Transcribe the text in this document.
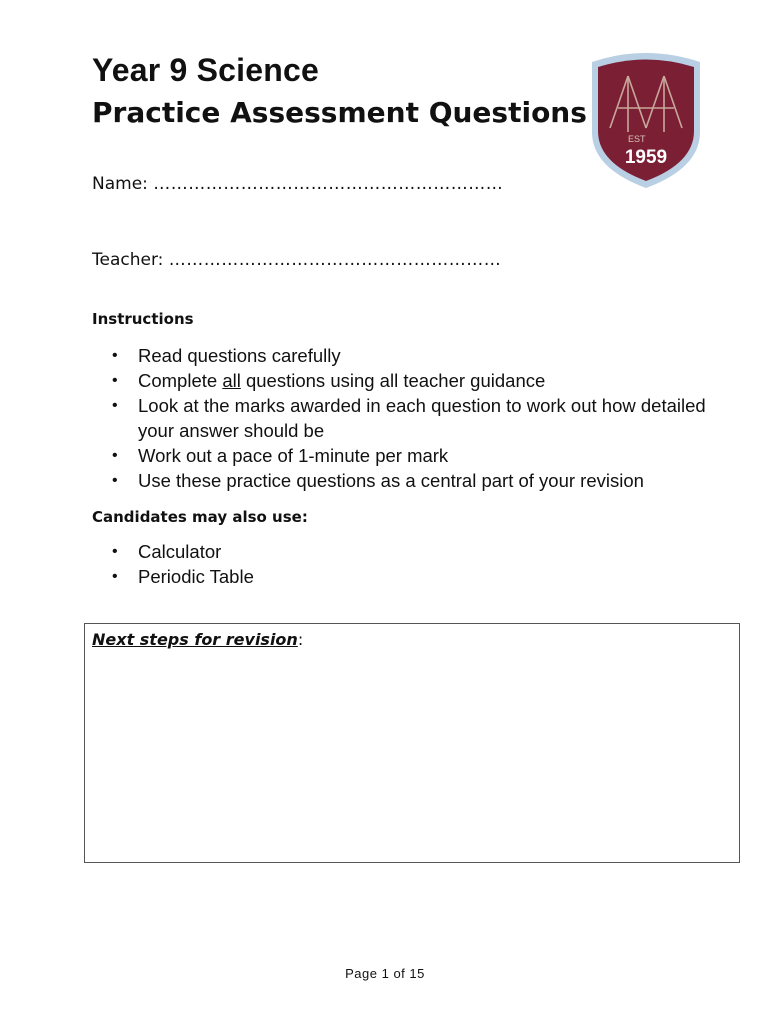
Year 9 Science
Practice Assessment Questions
EST
1959
Name: ……………………………………………………
Teacher: …………………………………………………
Instructions
• Read questions carefully
• Complete all questions using all teacher guidance
• Look at the marks awarded in each question to work out how detailed your answer should be
• Work out a pace of 1-minute per mark
• Use these practice questions as a central part of your revision
Candidates may also use:
• Calculator
• Periodic Table
Next steps for revision:
Page 1 of 15
